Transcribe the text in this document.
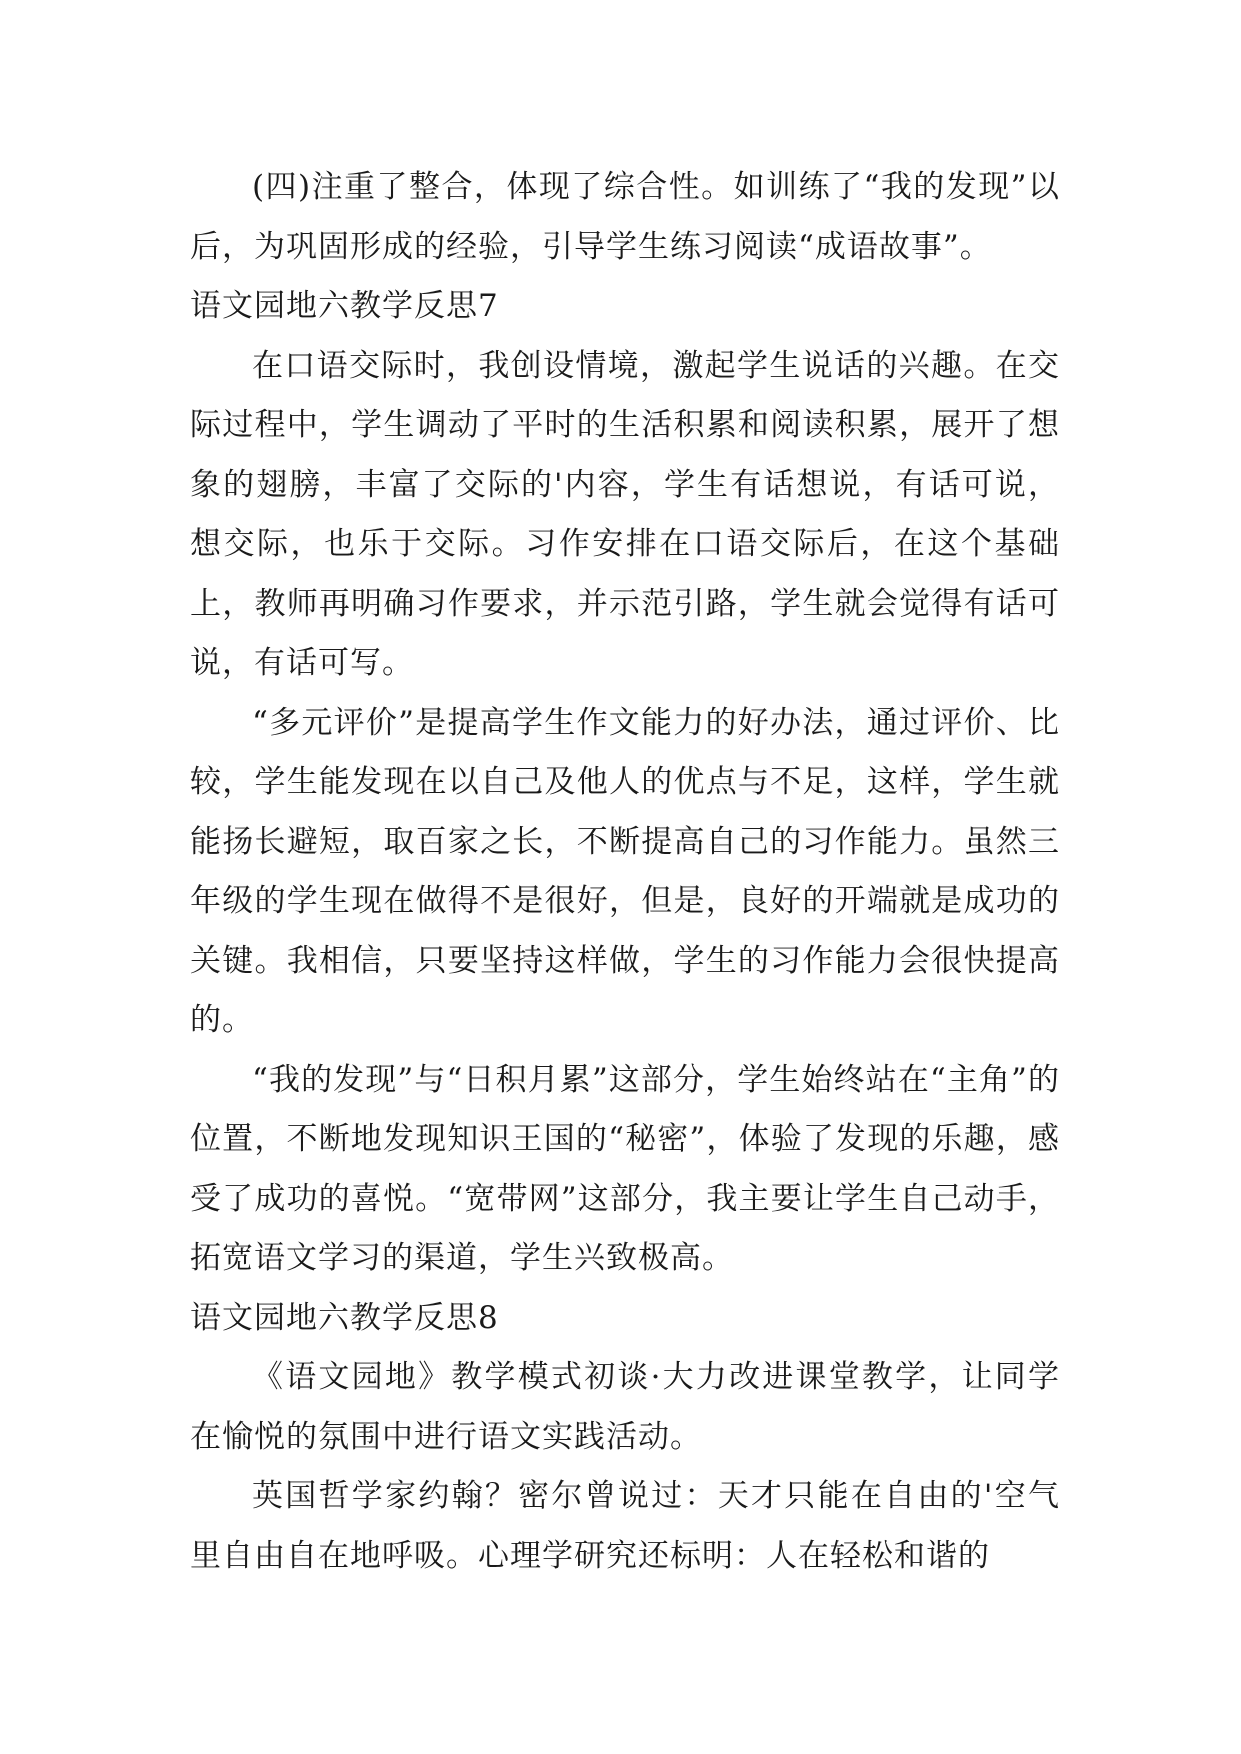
(四)注重了整合，体现了综合性。如训练了“我的发现”以后，为巩固形成的经验，引导学生练习阅读“成语故事”。

语文园地六教学反思7

在口语交际时，我创设情境，激起学生说话的兴趣。在交际过程中，学生调动了平时的生活积累和阅读积累，展开了想象的翅膀，丰富了交际的'内容，学生有话想说，有话可说，想交际，也乐于交际。习作安排在口语交际后，在这个基础上，教师再明确习作要求，并示范引路，学生就会觉得有话可说，有话可写。

“多元评价”是提高学生作文能力的好办法，通过评价、比较，学生能发现在以自己及他人的优点与不足，这样，学生就能扬长避短，取百家之长，不断提高自己的习作能力。虽然三年级的学生现在做得不是很好，但是，良好的开端就是成功的关键。我相信，只要坚持这样做，学生的习作能力会很快提高的。

“我的发现”与“日积月累”这部分，学生始终站在“主角”的位置，不断地发现知识王国的“秘密”，体验了发现的乐趣，感受了成功的喜悦。“宽带网”这部分，我主要让学生自己动手，拓宽语文学习的渠道，学生兴致极高。

语文园地六教学反思8

《语文园地》教学模式初谈·大力改进课堂教学，让同学在愉悦的氛围中进行语文实践活动。

英国哲学家约翰？密尔曾说过：天才只能在自由的'空气里自由自在地呼吸。心理学研究还标明：人在轻松和谐的
